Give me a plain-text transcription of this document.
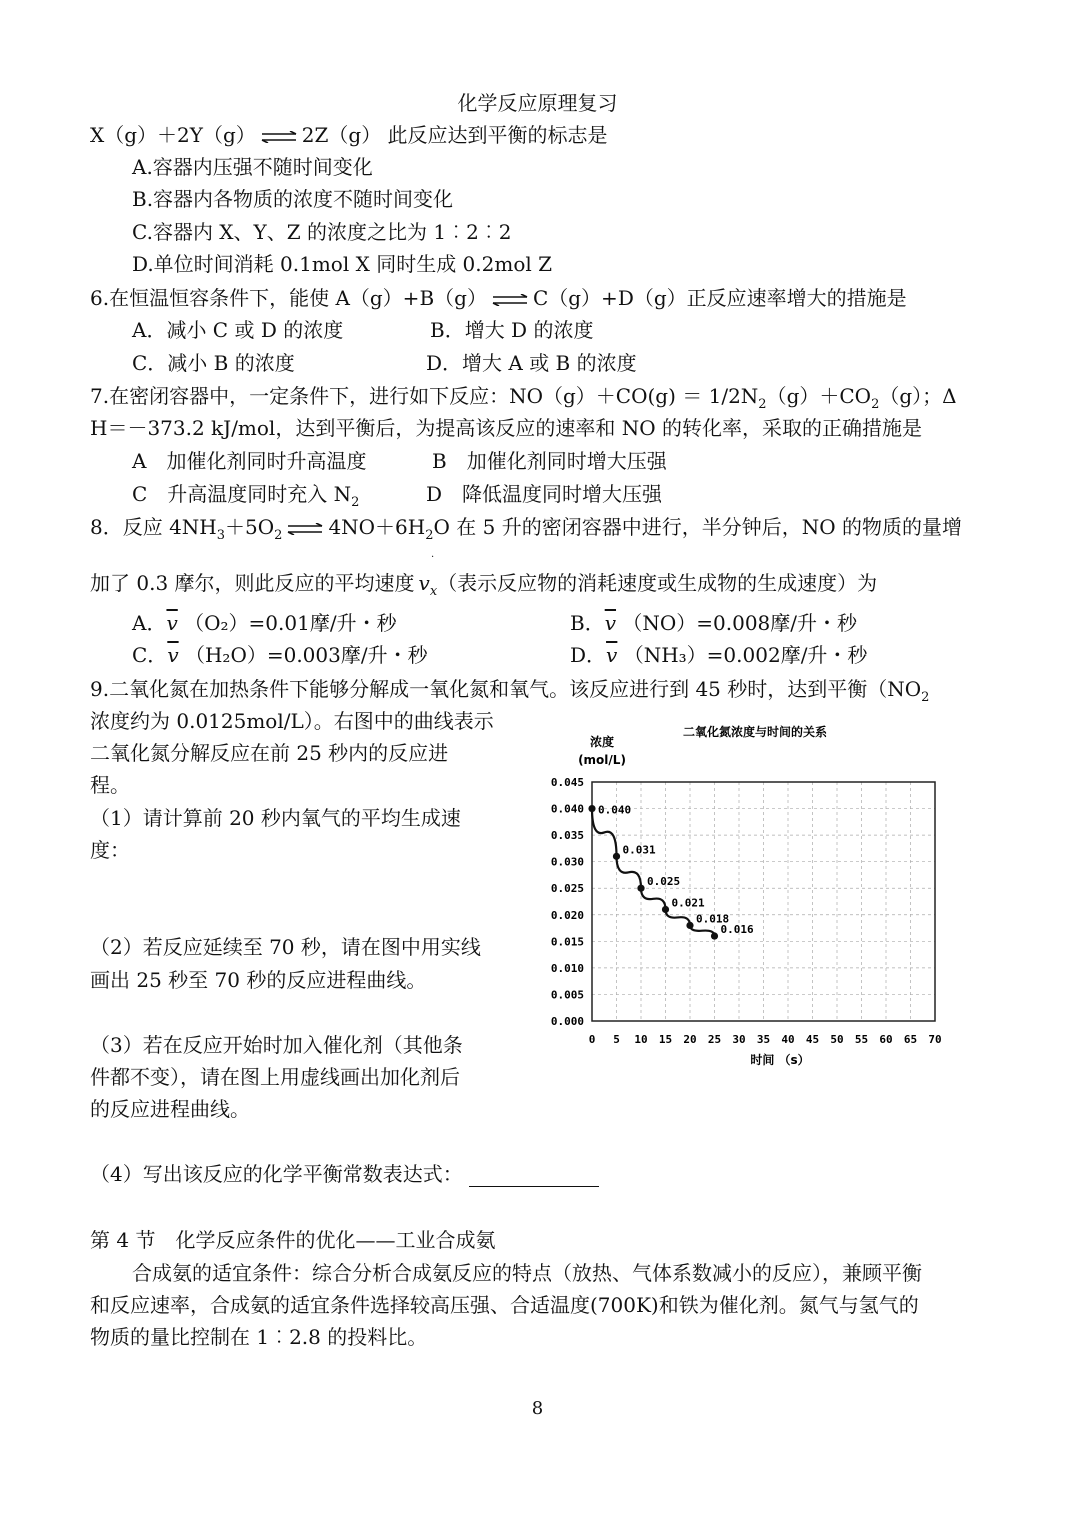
化学反应原理复习
X（g）＋2Y（g） ⇌ 2Z（g） 此反应达到平衡的标志是
A.容器内压强不随时间变化
B.容器内各物质的浓度不随时间变化
C.容器内 X、Y、Z 的浓度之比为 1︰2︰2
D.单位时间消耗 0.1mol X 同时生成 0.2mol Z
6.在恒温恒容条件下，能使 A（g）+B（g） ⇌ C（g）+D（g）正反应速率增大的措施是
A．减小 C 或 D 的浓度	B．增大 D 的浓度
C．减小 B 的浓度	D．增大 A 或 B 的浓度
7.在密闭容器中，一定条件下，进行如下反应：$NO(g)+CO(g) = 1/2N_2(g)+CO_2(g)$；Δ
H＝－373.2 kJ/mol，达到平衡后，为提高该反应的速率和 NO 的转化率，采取的正确措施是
A　加催化剂同时升高温度	B　加催化剂同时增大压强
C　升高温度同时充入 $N_2$	D　降低温度同时增大压强
8．反应 $4NH_3+5O_2$ ⇌ $4NO+6H_2O$ 在 5 升的密闭容器中进行，半分钟后，NO 的物质的量增
.
加了 0.3 摩尔，则此反应的平均速度 $v_x$（表示反应物的消耗速度或生成物的生成速度）为
A．$\overline{v}$ （O₂）=0.01摩/升・秒	B．$\overline{v}$ （NO）=0.008摩/升・秒
C．$\overline{v}$ （H₂O）=0.003摩/升・秒	D．$\overline{v}$ （NH₃）=0.002摩/升・秒
9.二氧化氮在加热条件下能够分解成一氧化氮和氧气。该反应进行到 45 秒时，达到平衡（$NO_2$
浓度约为 0.0125mol/L）。右图中的曲线表示
二氧化氮分解反应在前 25 秒内的反应进
程。
（1）请计算前 20 秒内氧气的平均生成速
度：
（2）若反应延续至 70 秒，请在图中用实线
画出 25 秒至 70 秒的反应进程曲线。
（3）若在反应开始时加入催化剂（其他条
件都不变），请在图上用虚线画出加化剂后
的反应进程曲线。
（4）写出该反应的化学平衡常数表达式：
二氧化氮浓度与时间的关系
浓度
(mol/L)
时间 （s）
0.000
0.005
0.010
0.015
0.020
0.025
0.030
0.035
0.040
0.045
0 5 10 15 20 25 30 35 40 45 50 55 60 65 70
0.040
0.031
0.025
0.021
0.018
0.016
第 4 节　化学反应条件的优化——工业合成氨
合成氨的适宜条件：综合分析合成氨反应的特点（放热、气体系数减小的反应），兼顾平衡
和反应速率，合成氨的适宜条件选择较高压强、合适温度(700K)和铁为催化剂。氮气与氢气的
物质的量比控制在 1︰2.8 的投料比。
8
